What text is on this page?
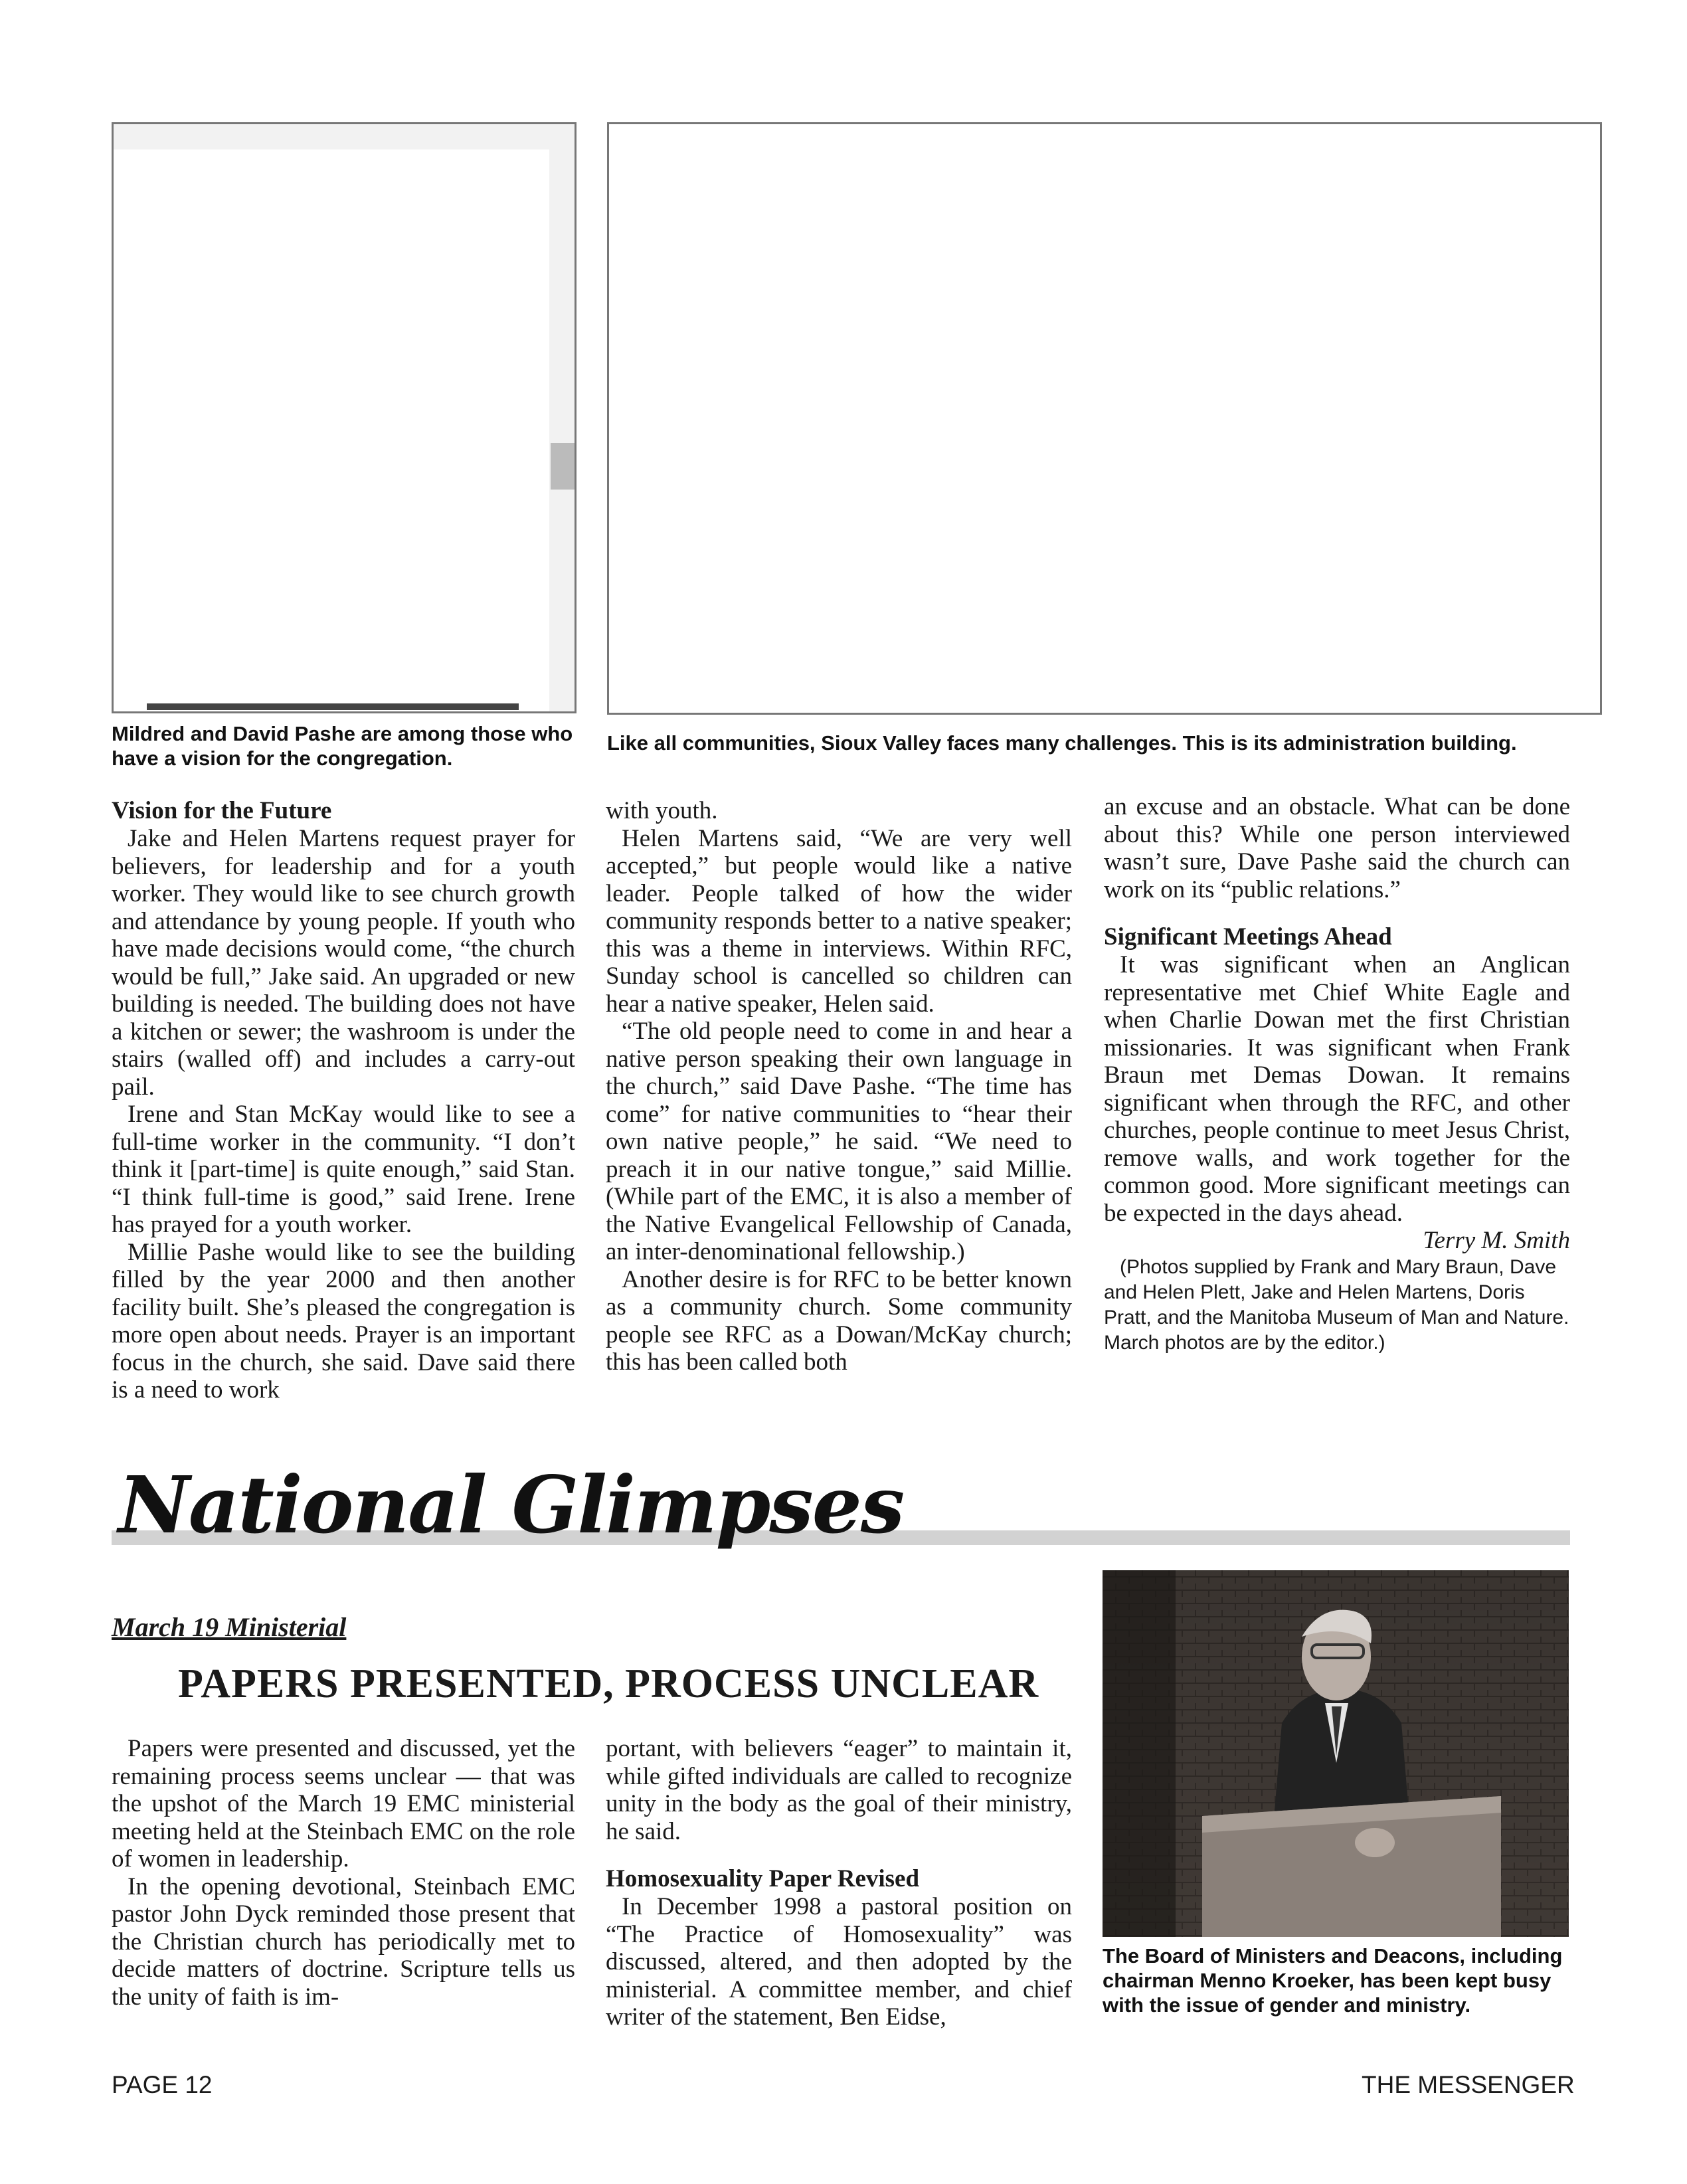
Mildred and David Pashe are among those who have a vision for the congregation.

Like all communities, Sioux Valley faces many challenges. This is its administration building.

Vision for the Future

Jake and Helen Martens request prayer for believers, for leadership and for a youth worker. They would like to see church growth and attendance by young people. If youth who have made decisions would come, “the church would be full,” Jake said. An upgraded or new building is needed. The building does not have a kitchen or sewer; the washroom is under the stairs (walled off) and includes a carry-out pail.

Irene and Stan McKay would like to see a full-time worker in the community. “I don’t think it [part-time] is quite enough,” said Stan. “I think full-time is good,” said Irene. Irene has prayed for a youth worker.

Millie Pashe would like to see the building filled by the year 2000 and then another facility built. She’s pleased the congregation is more open about needs. Prayer is an important focus in the church, she said. Dave said there is a need to work

with youth.

Helen Martens said, “We are very well accepted,” but people would like a native leader. People talked of how the wider community responds better to a native speaker; this was a theme in interviews. Within RFC, Sunday school is cancelled so children can hear a native speaker, Helen said.

“The old people need to come in and hear a native person speaking their own language in the church,” said Dave Pashe. “The time has come” for native communities to “hear their own native people,” he said. “We need to preach it in our native tongue,” said Millie. (While part of the EMC, it is also a member of the Native Evangelical Fellowship of Canada, an inter-denominational fellowship.)

Another desire is for RFC to be better known as a community church. Some community people see RFC as a Dowan/McKay church; this has been called both

an excuse and an obstacle. What can be done about this? While one person interviewed wasn’t sure, Dave Pashe said the church can work on its “public relations.”

Significant Meetings Ahead

It was significant when an Anglican representative met Chief White Eagle and when Charlie Dowan met the first Christian missionaries. It was significant when Frank Braun met Demas Dowan. It remains significant when through the RFC, and other churches, people continue to meet Jesus Christ, remove walls, and work together for the common good. More significant meetings can be expected in the days ahead.

Terry M. Smith

(Photos supplied by Frank and Mary Braun, Dave and Helen Plett, Jake and Helen Martens, Doris Pratt, and the Manitoba Museum of Man and Nature. March photos are by the editor.)

National Glimpses
March 19 Ministerial
PAPERS PRESENTED, PROCESS UNCLEAR

Papers were presented and discussed, yet the remaining process seems unclear — that was the upshot of the March 19 EMC ministerial meeting held at the Steinbach EMC on the role of women in leadership.

In the opening devotional, Steinbach EMC pastor John Dyck reminded those present that the Christian church has periodically met to decide matters of doctrine. Scripture tells us the unity of faith is im-

portant, with believers “eager” to maintain it, while gifted individuals are called to recognize unity in the body as the goal of their ministry, he said.

Homosexuality Paper Revised

In December 1998 a pastoral position on “The Practice of Homosexuality” was discussed, altered, and then adopted by the ministerial. A committee member, and chief writer of the statement, Ben Eidse,

The Board of Ministers and Deacons, including chairman Menno Kroeker, has been kept busy with the issue of gender and ministry.

PAGE 12	THE MESSENGER
